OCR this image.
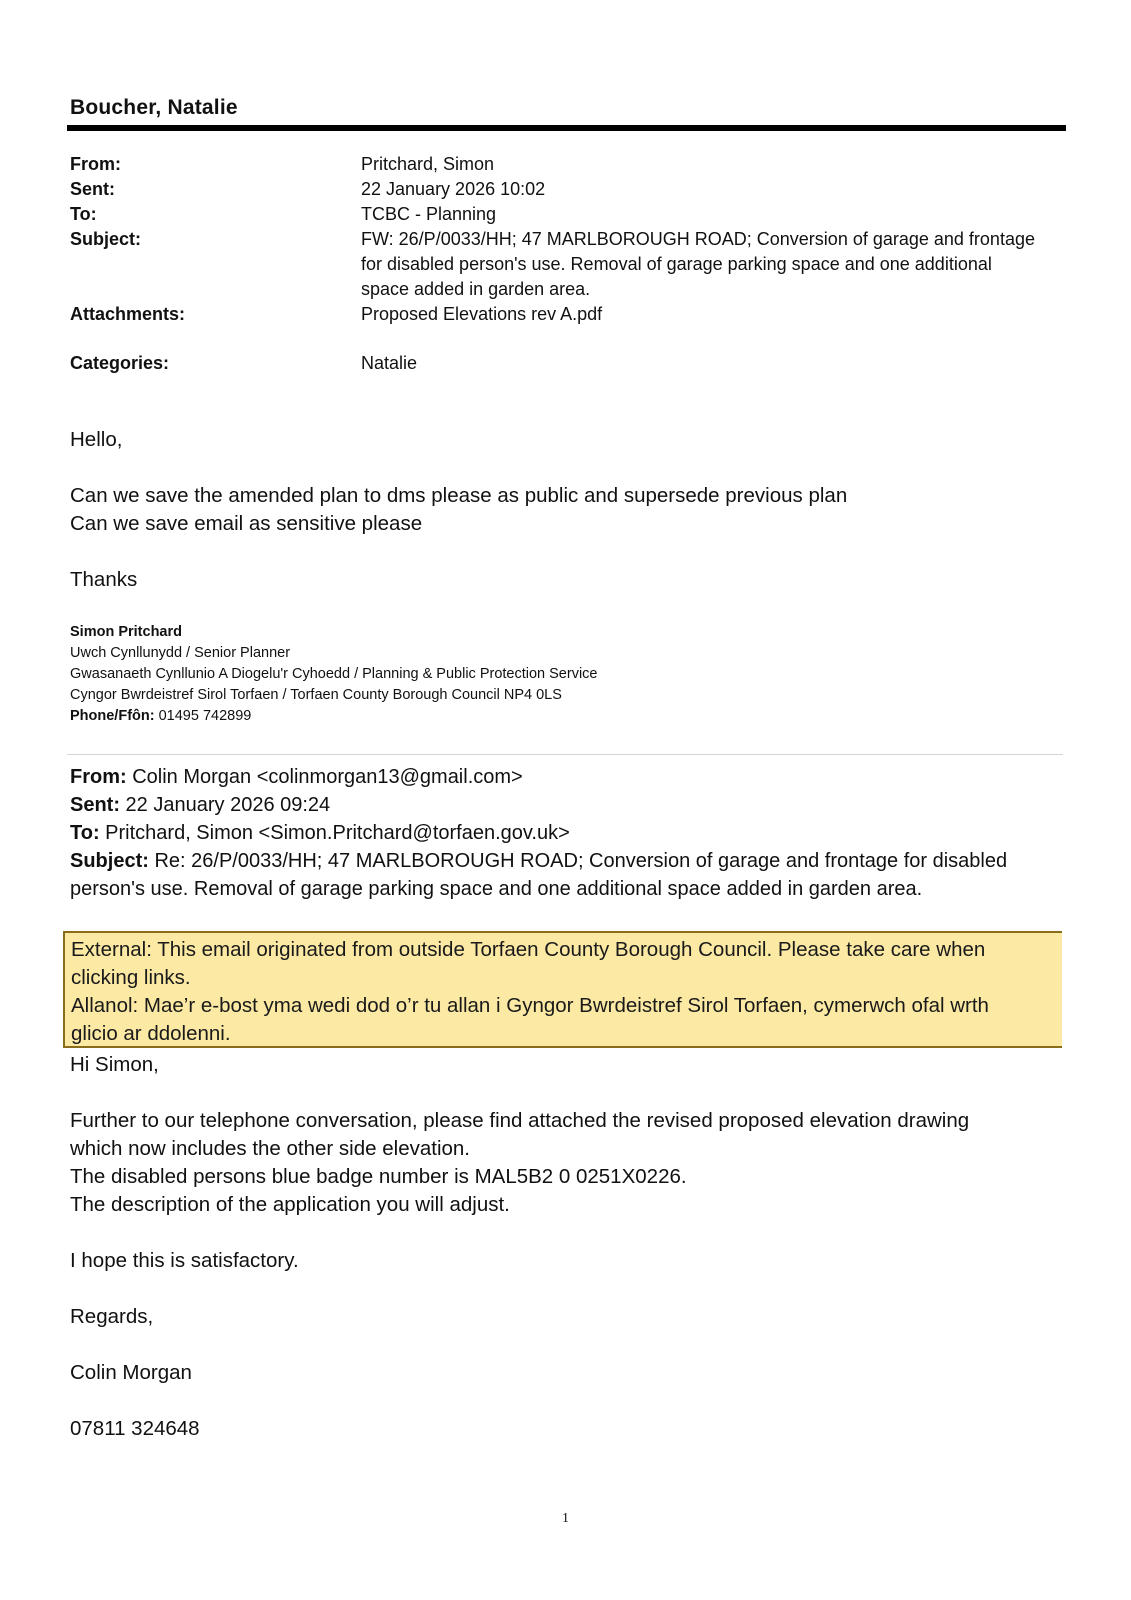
Boucher, Natalie
From:	Pritchard, Simon
Sent:	22 January 2026 10:02
To:	TCBC - Planning
Subject:	FW: 26/P/0033/HH; 47 MARLBOROUGH ROAD; Conversion of garage and frontage
for disabled person's use. Removal of garage parking space and one additional
space added in garden area.
Attachments:	Proposed Elevations rev A.pdf
Categories:	Natalie

Hello,

Can we save the amended plan to dms please as public and supersede previous plan

Can we save email as sensitive please

Thanks

Simon Pritchard
Uwch Cynllunydd / Senior Planner
Gwasanaeth Cynllunio A Diogelu'r Cyhoedd / Planning & Public Protection Service
Cyngor Bwrdeistref Sirol Torfaen / Torfaen County Borough Council NP4 0LS
Phone/Ffôn: 01495 742899

From: Colin Morgan <colinmorgan13@gmail.com>

Sent: 22 January 2026 09:24

To: Pritchard, Simon <Simon.Pritchard@torfaen.gov.uk>

Subject: Re: 26/P/0033/HH; 47 MARLBOROUGH ROAD; Conversion of garage and frontage for disabled

person's use. Removal of garage parking space and one additional space added in garden area.

External: This email originated from outside Torfaen County Borough Council. Please take care when

clicking links.

Allanol: Mae’r e-bost yma wedi dod o’r tu allan i Gyngor Bwrdeistref Sirol Torfaen, cymerwch ofal wrth

glicio ar ddolenni.

Hi Simon,

Further to our telephone conversation, please find attached the revised proposed elevation drawing

which now includes the other side elevation.

The disabled persons blue badge number is MAL5B2 0 0251X0226.

The description of the application you will adjust.

I hope this is satisfactory.

Regards,

Colin Morgan

07811 324648

1
